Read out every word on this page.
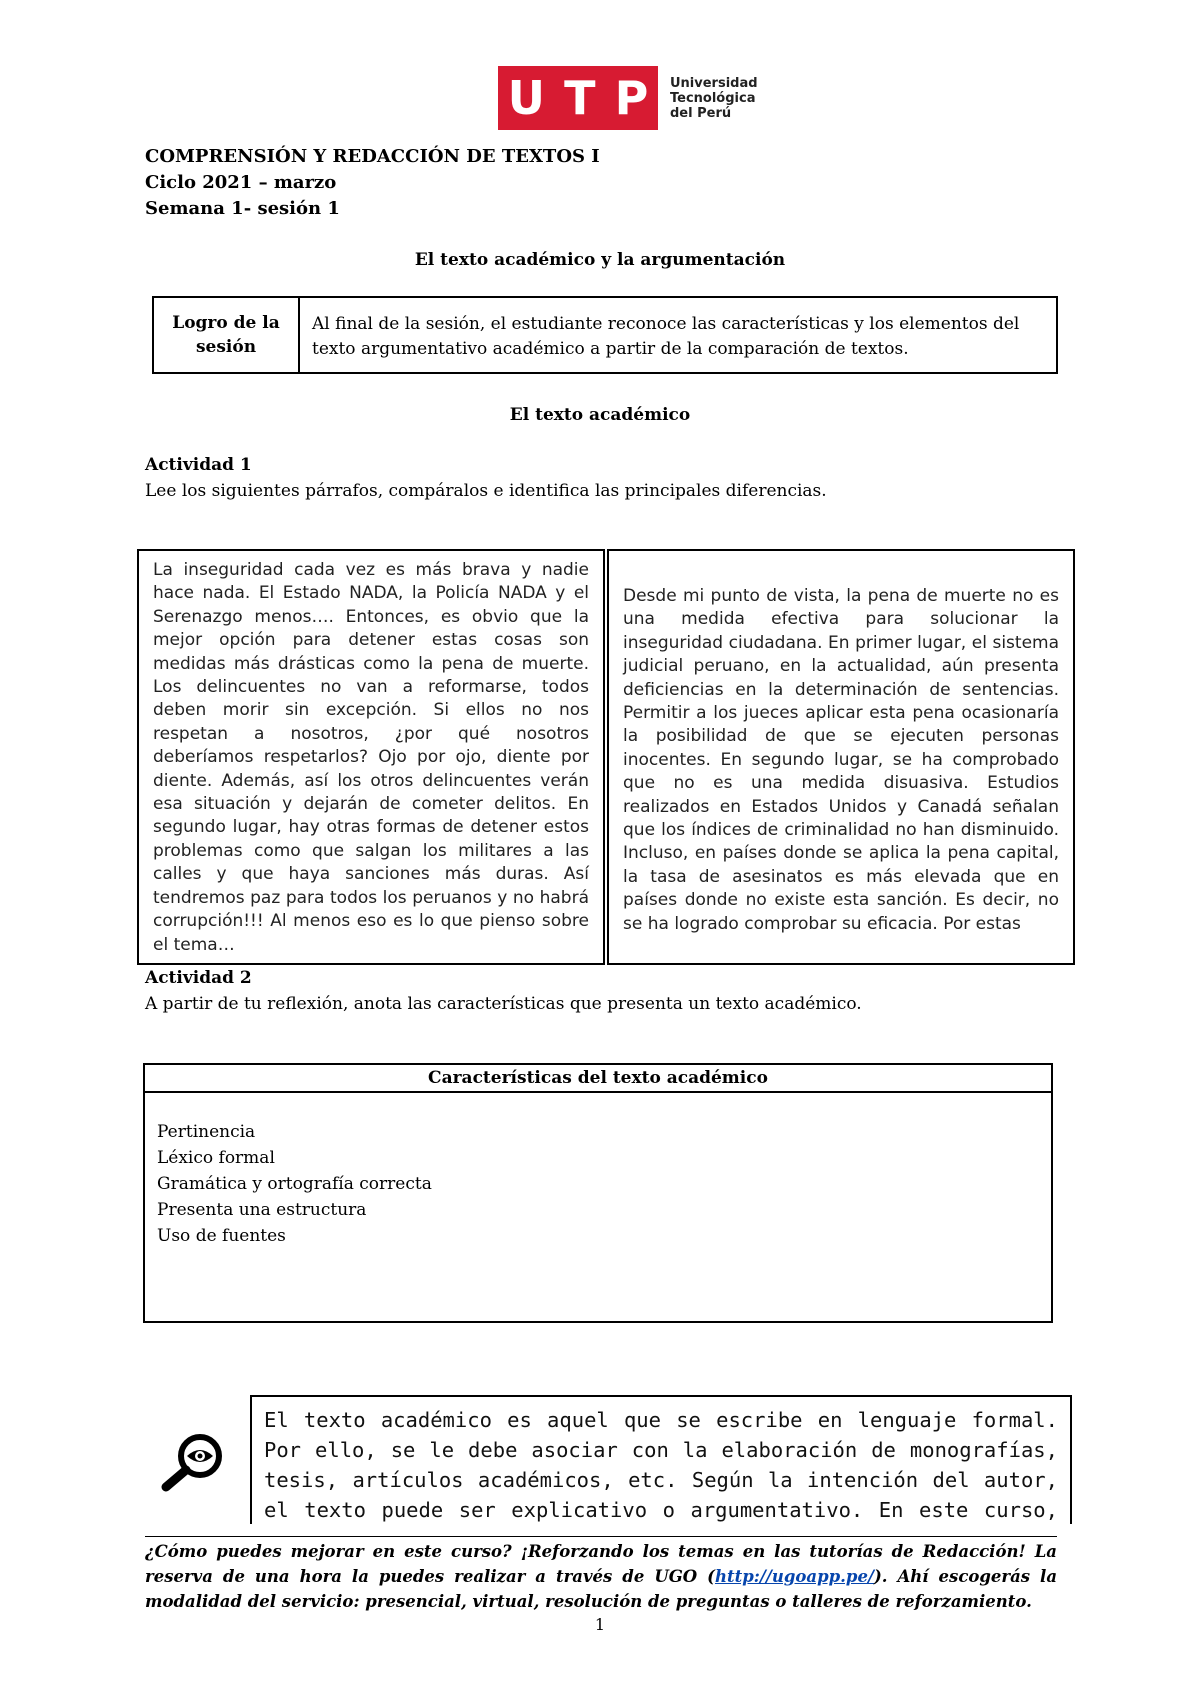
U T P Universidad
Tecnológica
del Perú
COMPRENSIÓN Y REDACCIÓN DE TEXTOS I
Ciclo 2021 – marzo
Semana 1- sesión 1
El texto académico y la argumentación
Logro de la sesión
Al final de la sesión, el estudiante reconoce las características y los elementos del texto argumentativo académico a partir de la comparación de textos.
El texto académico
Actividad 1
Lee los siguientes párrafos, compáralos e identifica las principales diferencias.
La inseguridad cada vez es más brava y nadie hace nada. El Estado NADA, la Policía NADA y el Serenazgo menos…. Entonces, es obvio que la mejor opción para detener estas cosas son medidas más drásticas como la pena de muerte. Los delincuentes no van a reformarse, todos deben morir sin excepción. Si ellos no nos respetan a nosotros, ¿por qué nosotros deberíamos respetarlos? Ojo por ojo, diente por diente. Además, así los otros delincuentes verán esa situación y dejarán de cometer delitos. En segundo lugar, hay otras formas de detener estos problemas como que salgan los militares a las calles y que haya sanciones más duras. Así tendremos paz para todos los peruanos y no habrá corrupción!!! Al menos eso es lo que pienso sobre el tema…
Desde mi punto de vista, la pena de muerte no es una medida efectiva para solucionar la inseguridad ciudadana. En primer lugar, el sistema judicial peruano, en la actualidad, aún presenta deficiencias en la determinación de sentencias. Permitir a los jueces aplicar esta pena ocasionaría la posibilidad de que se ejecuten personas inocentes. En segundo lugar, se ha comprobado que no es una medida disuasiva. Estudios realizados en Estados Unidos y Canadá señalan que los índices de criminalidad no han disminuido. Incluso, en países donde se aplica la pena capital, la tasa de asesinatos es más elevada que en países donde no existe esta sanción. Es decir, no se ha logrado comprobar su eficacia. Por estas
Actividad 2
A partir de tu reflexión, anota las características que presenta un texto académico.
Características del texto académico
Pertinencia
Léxico formal
Gramática y ortografía correcta
Presenta una estructura
Uso de fuentes
El texto académico es aquel que se escribe en lenguaje formal. Por ello, se le debe asociar con la elaboración de monografías, tesis, artículos académicos, etc. Según la intención del autor, el texto puede ser explicativo o argumentativo. En este curso,
¿Cómo puedes mejorar en este curso? ¡Reforzando los temas en las tutorías de Redacción! La reserva de una hora la puedes realizar a través de UGO (http://ugoapp.pe/). Ahí escogerás la modalidad del servicio: presencial, virtual, resolución de preguntas o talleres de reforzamiento.
1
